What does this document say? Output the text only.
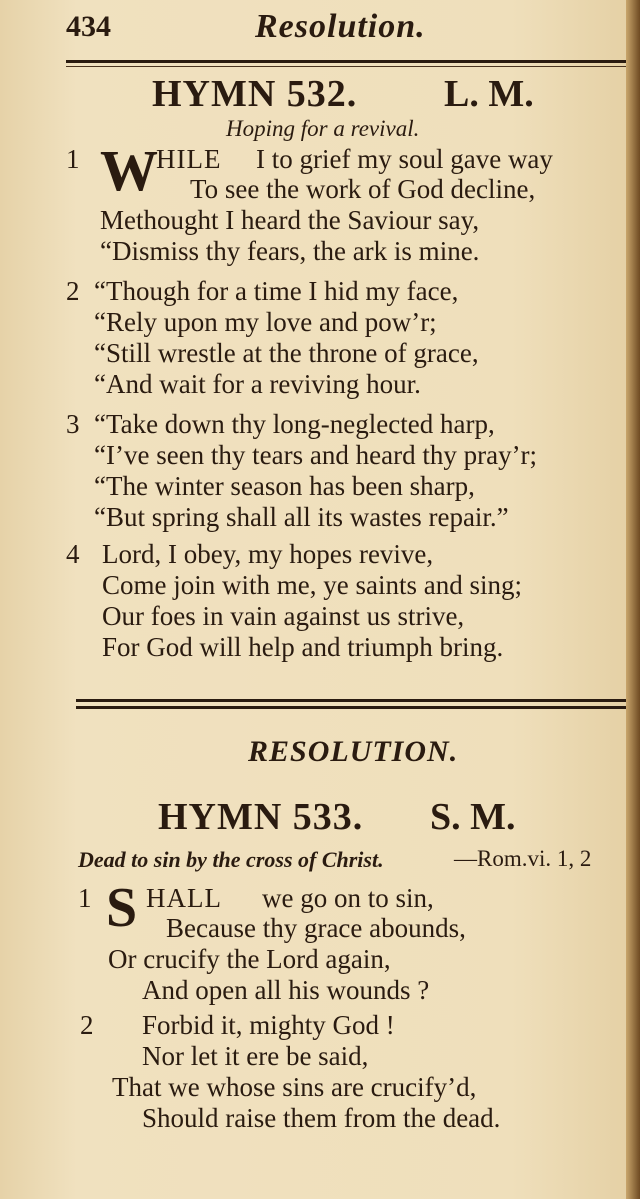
434	Resolution.
HYMN 532. L. M.
Hoping for a revival.
1 W
HILE I to grief my soul gave way
To see the work of God decline,
Methought I heard the Saviour say,
“Dismiss thy fears, the ark is mine.
2 “Though for a time I hid my face,
“Rely upon my love and pow’r;
“Still wrestle at the throne of grace,
“And wait for a reviving hour.
3 “Take down thy long-neglected harp,
“I’ve seen thy tears and heard thy pray’r;
“The winter season has been sharp,
“But spring shall all its wastes repair.”
4 Lord, I obey, my hopes revive,
Come join with me, ye saints and sing;
Our foes in vain against us strive,
For God will help and triumph bring.
RESOLUTION.
HYMN 533. S. M.
Dead to sin by the cross of Christ.	—Rom.vi. 1, 2
1 S HALL we go on to sin,
Because thy grace abounds,
Or crucify the Lord again,
And open all his wounds ?
2 Forbid it, mighty God !
Nor let it ere be said,
That we whose sins are crucify’d,
Should raise them from the dead.
